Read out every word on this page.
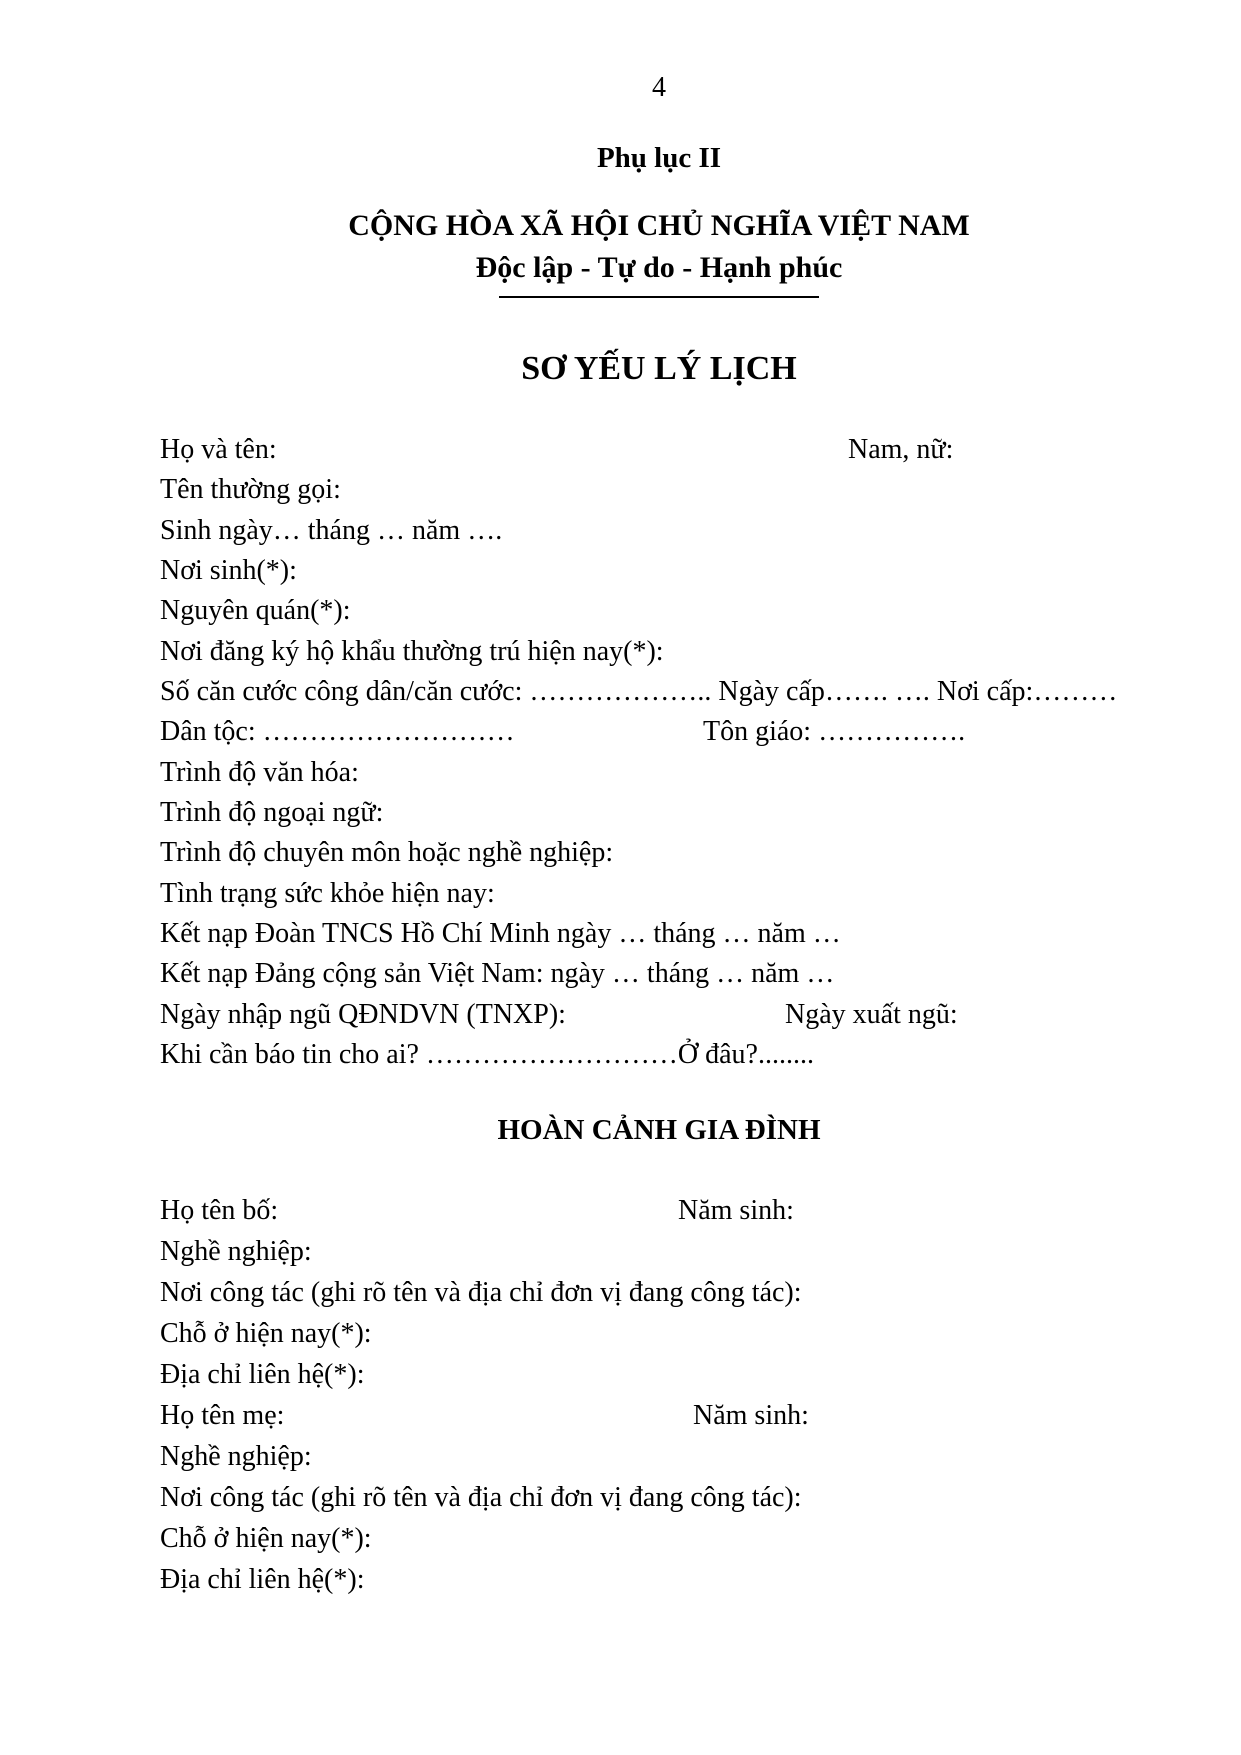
4
Phụ lục II
CỘNG HÒA XÃ HỘI CHỦ NGHĨA VIỆT NAM
Độc lập - Tự do - Hạnh phúc
SƠ YẾU LÝ LỊCH
Họ và tên:	Nam, nữ:
Tên thường gọi:
Sinh ngày… tháng … năm ….
Nơi sinh(*):
Nguyên quán(*):
Nơi đăng ký hộ khẩu thường trú hiện nay(*):
Số căn cước công dân/căn cước: ……………….. Ngày cấp……. …. Nơi cấp:………
Dân tộc: ………………………	Tôn giáo: …………….
Trình độ văn hóa:
Trình độ ngoại ngữ:
Trình độ chuyên môn hoặc nghề nghiệp:
Tình trạng sức khỏe hiện nay:
Kết nạp Đoàn TNCS Hồ Chí Minh ngày … tháng … năm …
Kết nạp Đảng cộng sản Việt Nam: ngày … tháng … năm …
Ngày nhập ngũ QĐNDVN (TNXP):	Ngày xuất ngũ:
Khi cần báo tin cho ai? ………………………Ở đâu?........
HOÀN CẢNH GIA ĐÌNH
Họ tên bố:	Năm sinh:
Nghề nghiệp:
Nơi công tác (ghi rõ tên và địa chỉ đơn vị đang công tác):
Chỗ ở hiện nay(*):
Địa chỉ liên hệ(*):
Họ tên mẹ:	Năm sinh:
Nghề nghiệp:
Nơi công tác (ghi rõ tên và địa chỉ đơn vị đang công tác):
Chỗ ở hiện nay(*):
Địa chỉ liên hệ(*):
